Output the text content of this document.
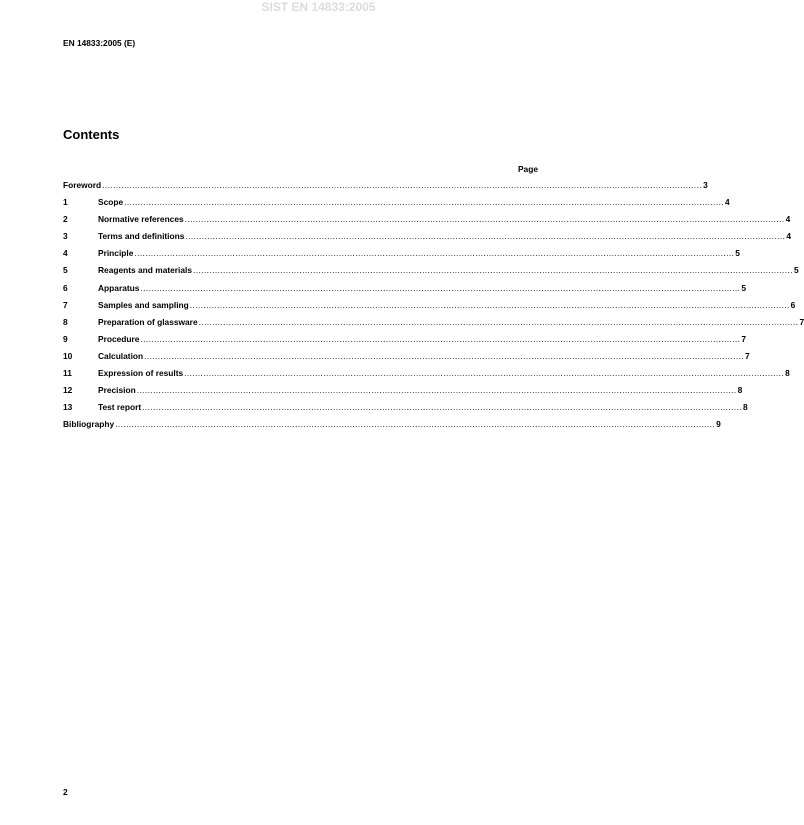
SIST EN 14833:2005
EN 14833:2005 (E)
Contents
Page
Foreword ............................................................................................................................................................................................................................ 3
1	Scope ............................................................................................................................................................................................................................ 4
2	Normative references ............................................................................................................................................................................................................................ 4
3	Terms and definitions ............................................................................................................................................................................................................................ 4
4	Principle ............................................................................................................................................................................................................................ 5
5	Reagents and materials ............................................................................................................................................................................................................................ 5
6	Apparatus ............................................................................................................................................................................................................................ 5
7	Samples and sampling ............................................................................................................................................................................................................................ 6
8	Preparation of glassware ............................................................................................................................................................................................................................ 7
9	Procedure ............................................................................................................................................................................................................................ 7
10	Calculation ............................................................................................................................................................................................................................ 7
11	Expression of results ............................................................................................................................................................................................................................ 8
12	Precision ............................................................................................................................................................................................................................ 8
13	Test report ............................................................................................................................................................................................................................ 8
Bibliography ............................................................................................................................................................................................................................ 9
2
